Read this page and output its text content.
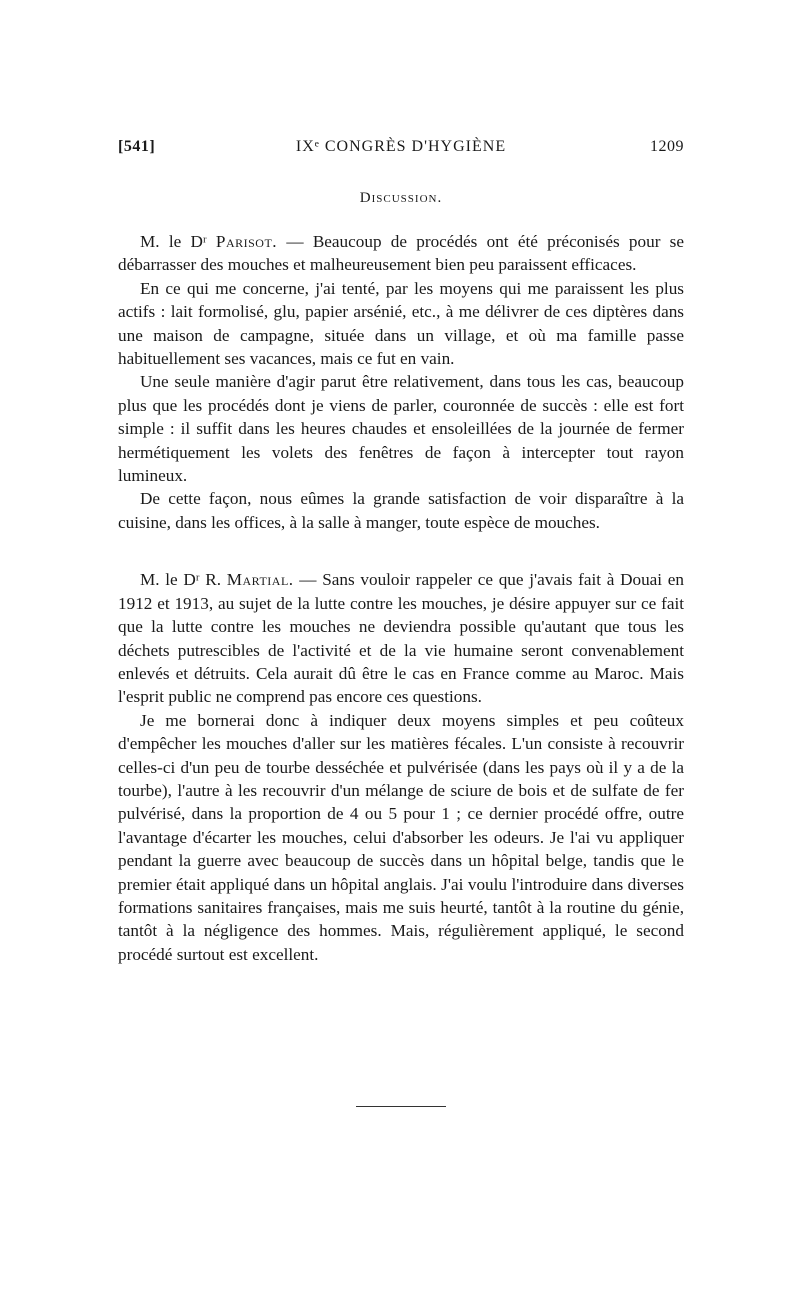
[541]	IXᵉ CONGRÈS D'HYGIÈNE	1209
Discussion.

M. le Dʳ Parisot. — Beaucoup de procédés ont été préconisés pour se débarrasser des mouches et malheureusement bien peu paraissent efficaces.

En ce qui me concerne, j'ai tenté, par les moyens qui me paraissent les plus actifs : lait formolisé, glu, papier arsénié, etc., à me délivrer de ces diptères dans une maison de campagne, située dans un village, et où ma famille passe habituellement ses vacances, mais ce fut en vain.

Une seule manière d'agir parut être relativement, dans tous les cas, beaucoup plus que les procédés dont je viens de parler, couronnée de succès : elle est fort simple : il suffit dans les heures chaudes et ensoleillées de la journée de fermer hermétiquement les volets des fenêtres de façon à intercepter tout rayon lumineux.

De cette façon, nous eûmes la grande satisfaction de voir disparaître à la cuisine, dans les offices, à la salle à manger, toute espèce de mouches.

M. le Dʳ R. Martial. — Sans vouloir rappeler ce que j'avais fait à Douai en 1912 et 1913, au sujet de la lutte contre les mouches, je désire appuyer sur ce fait que la lutte contre les mouches ne deviendra possible qu'autant que tous les déchets putrescibles de l'activité et de la vie humaine seront convenablement enlevés et détruits. Cela aurait dû être le cas en France comme au Maroc. Mais l'esprit public ne comprend pas encore ces questions.

Je me bornerai donc à indiquer deux moyens simples et peu coûteux d'empêcher les mouches d'aller sur les matières fécales. L'un consiste à recouvrir celles-ci d'un peu de tourbe desséchée et pulvérisée (dans les pays où il y a de la tourbe), l'autre à les recouvrir d'un mélange de sciure de bois et de sulfate de fer pulvérisé, dans la proportion de 4 ou 5 pour 1 ; ce dernier procédé offre, outre l'avantage d'écarter les mouches, celui d'absorber les odeurs. Je l'ai vu appliquer pendant la guerre avec beaucoup de succès dans un hôpital belge, tandis que le premier était appliqué dans un hôpital anglais. J'ai voulu l'introduire dans diverses formations sanitaires françaises, mais me suis heurté, tantôt à la routine du génie, tantôt à la négligence des hommes. Mais, régulièrement appliqué, le second procédé surtout est excellent.
